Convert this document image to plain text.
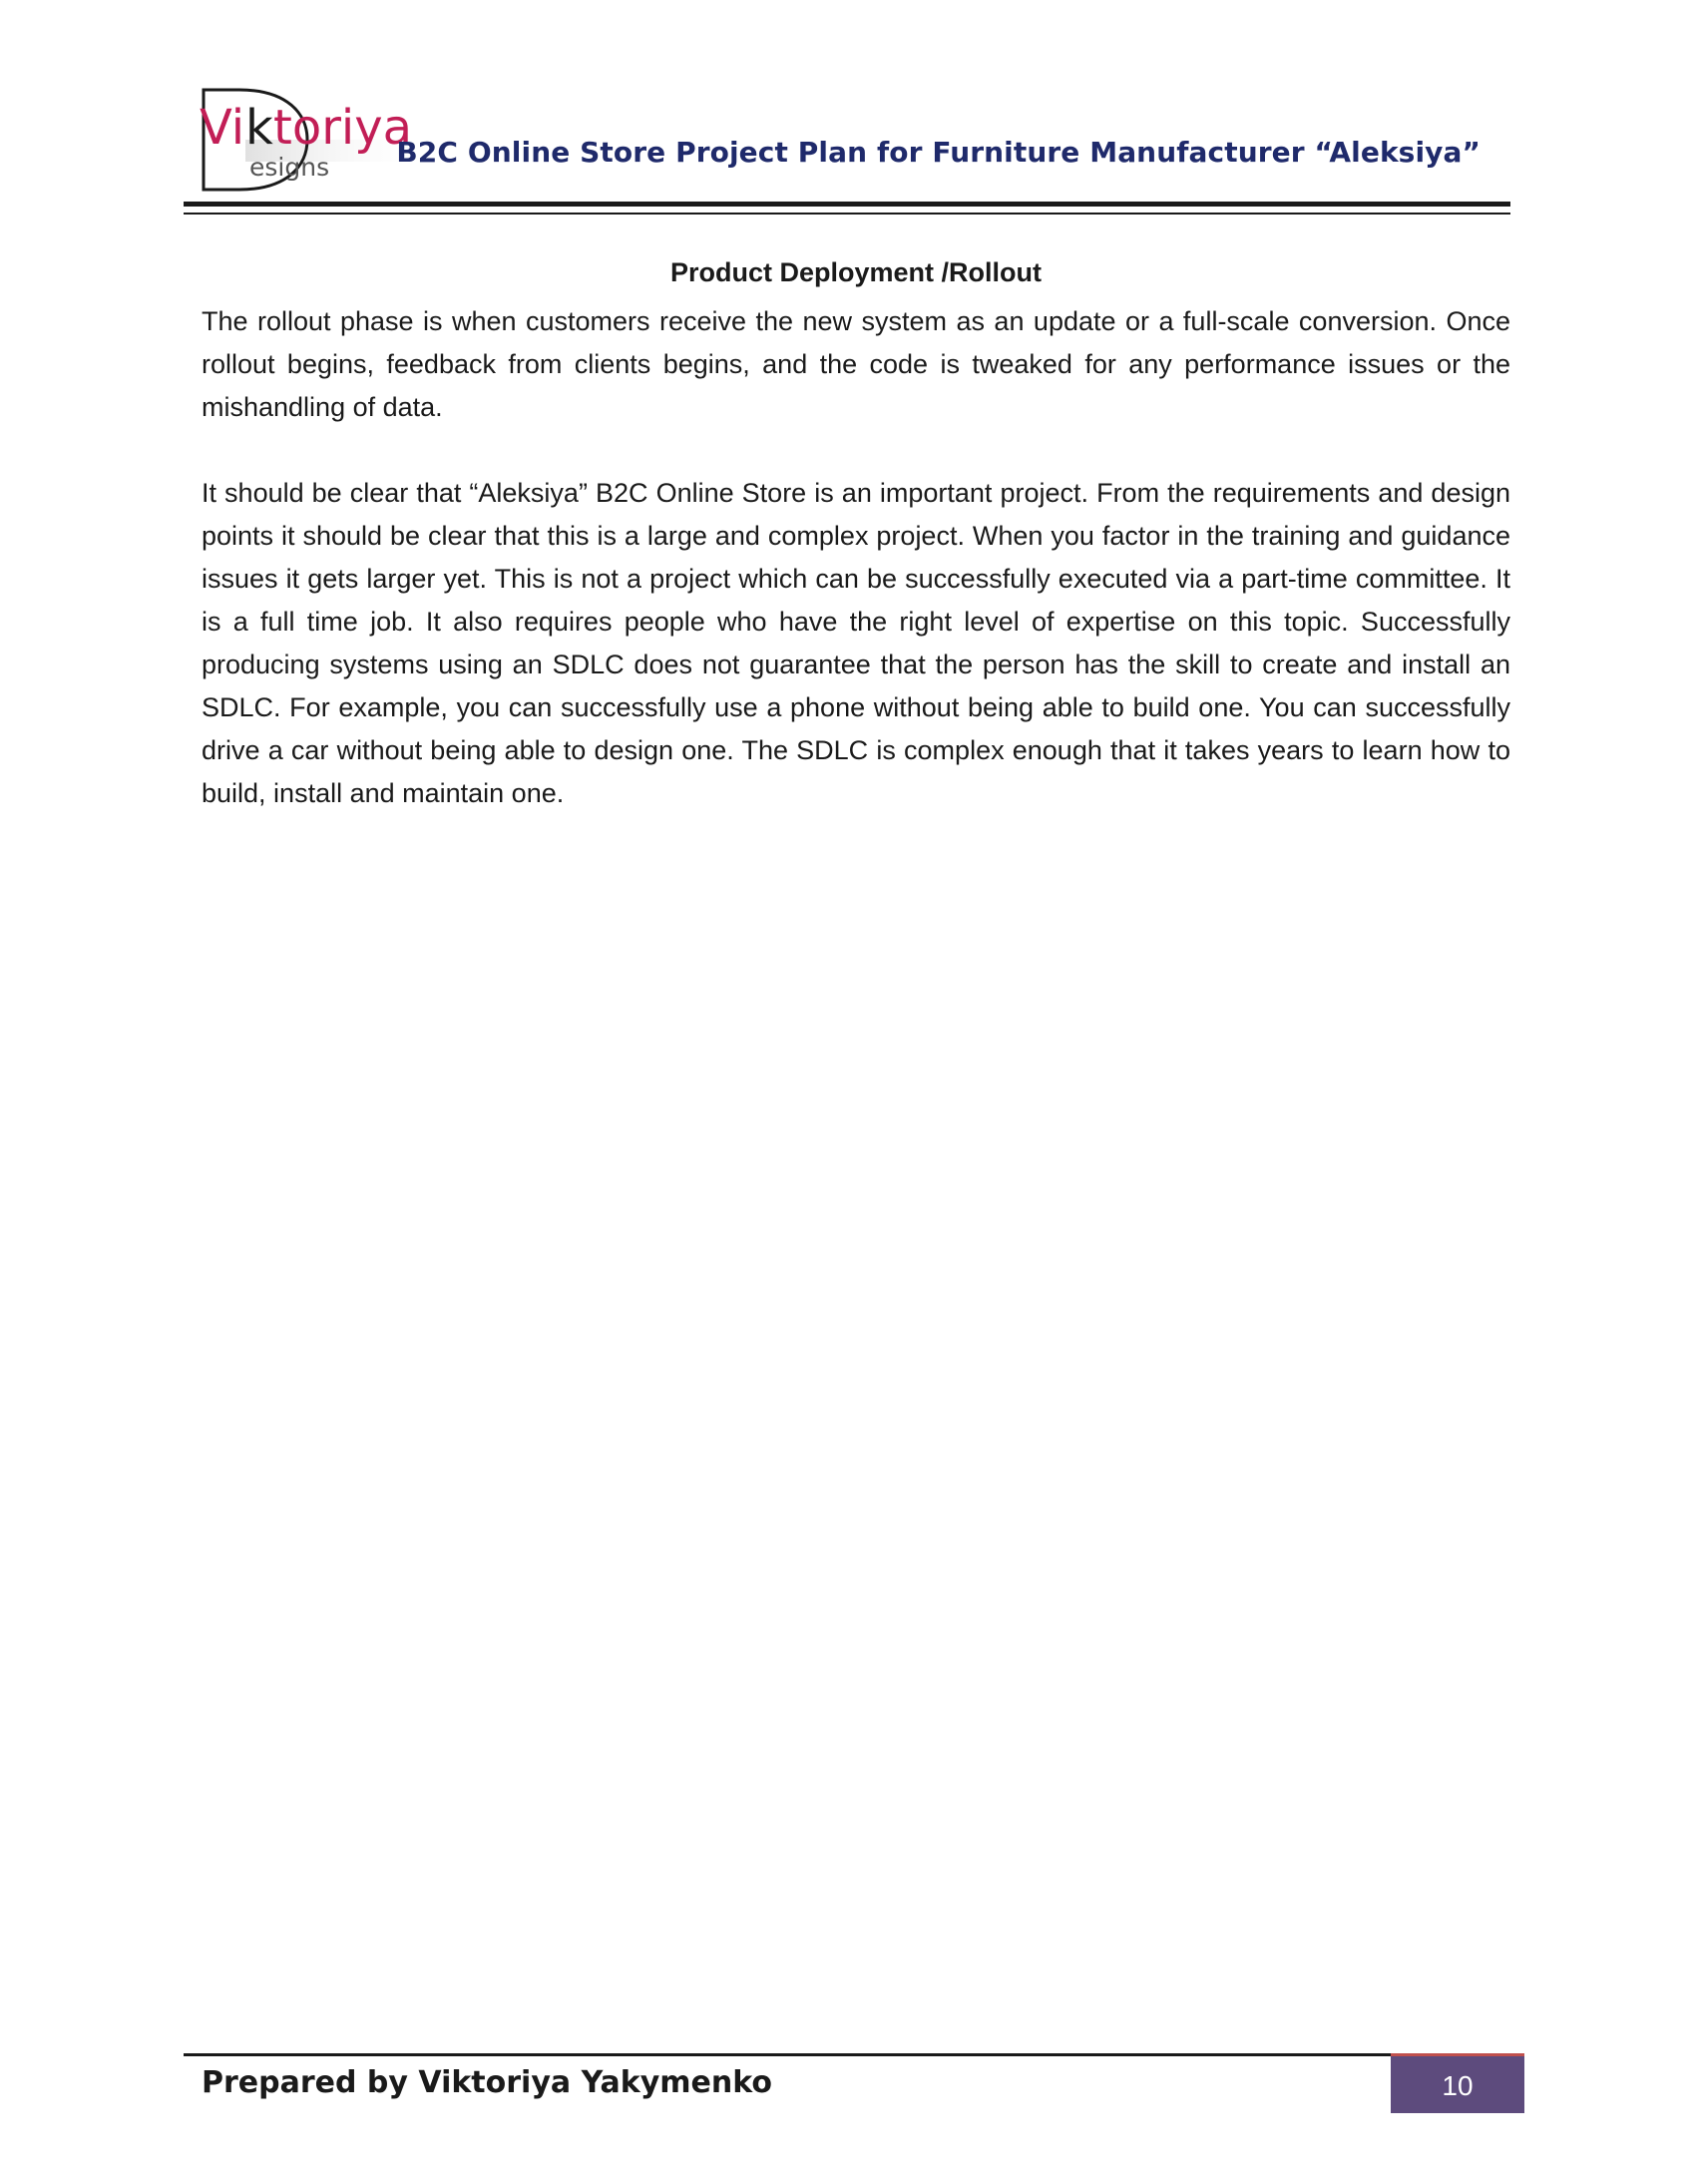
Vi k toriya
esigns B2C Online Store Project Plan for Furniture Manufacturer “Aleksiya”
Product Deployment /Rollout

The rollout phase is when customers receive the new system as an update or a full-scale conversion. Once rollout begins, feedback from clients begins, and the code is tweaked for any performance issues or the mishandling of data.

It should be clear that “Aleksiya” B2C Online Store is an important project. From the requirements and design points it should be clear that this is a large and complex project. When you factor in the training and guidance issues it gets larger yet. This is not a project which can be successfully executed via a part-time committee. It is a full time job. It also requires people who have the right level of expertise on this topic. Successfully producing systems using an SDLC does not guarantee that the person has the skill to create and install an SDLC. For example, you can successfully use a phone without being able to build one. You can successfully drive a car without being able to design one. The SDLC is complex enough that it takes years to learn how to build, install and maintain one.

Prepared by Viktoriya Yakymenko	10
